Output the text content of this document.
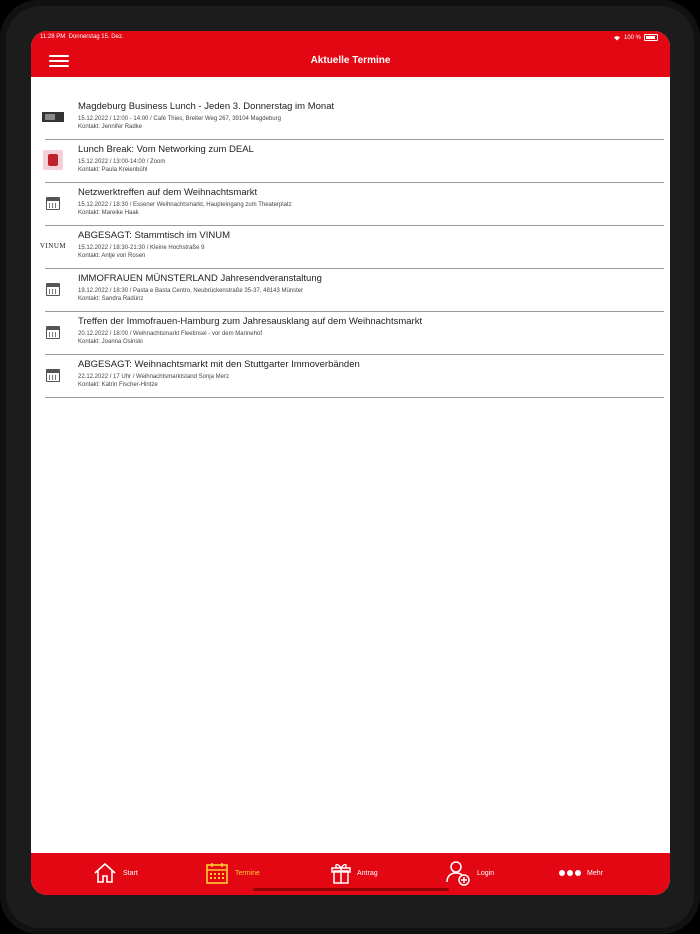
11:28 PM Donnerstag 15. Dez.	100 %
Aktuelle Termine
Magdeburg Business Lunch - Jeden 3. Donnerstag im Monat
15.12.2022 / 12:00 - 14:00 / Café Thies, Breiter Weg 267, 39104 Magdeburg
Kontakt: Jennifer Radke
Lunch Break: Vom Networking zum DEAL
15.12.2022 / 13:00-14:00 / Zoom
Kontakt: Paula Kreienbühl
Netzwerktreffen auf dem Weihnachtsmarkt
15.12.2022 / 18:30 / Essener Weihnachtsmarkt, Haupteingang zum Theaterplatz
Kontakt: Mareike Haak
VINUM
ABGESAGT: Stammtisch im VINUM
15.12.2022 / 18:30-21:30 / Kleine Hochstraße 9
Kontakt: Antje von Rosen
IMMOFRAUEN MÜNSTERLAND Jahresendveranstaltung
19.12.2022 / 18:30 / Pasta e Basta Centro, Neubrückenstraße 35-37, 48143 Münster
Kontakt: Sandra Radünz
Treffen der Immofrauen-Hamburg zum Jahresausklang auf dem Weihnachtsmarkt
20.12.2022 / 18:00 / Weihnachtsmarkt Fleetinsel - vor dem Marinehof
Kontakt: Joanna Osinski
ABGESAGT: Weihnachtsmarkt mit den Stuttgarter Immoverbänden
22.12.2022 / 17 Uhr / Weihnachtsmarktstand Sonja Merz
Kontakt: Katrin Fischer-Hintze
Start	Termine	Antrag	Login	Mehr
